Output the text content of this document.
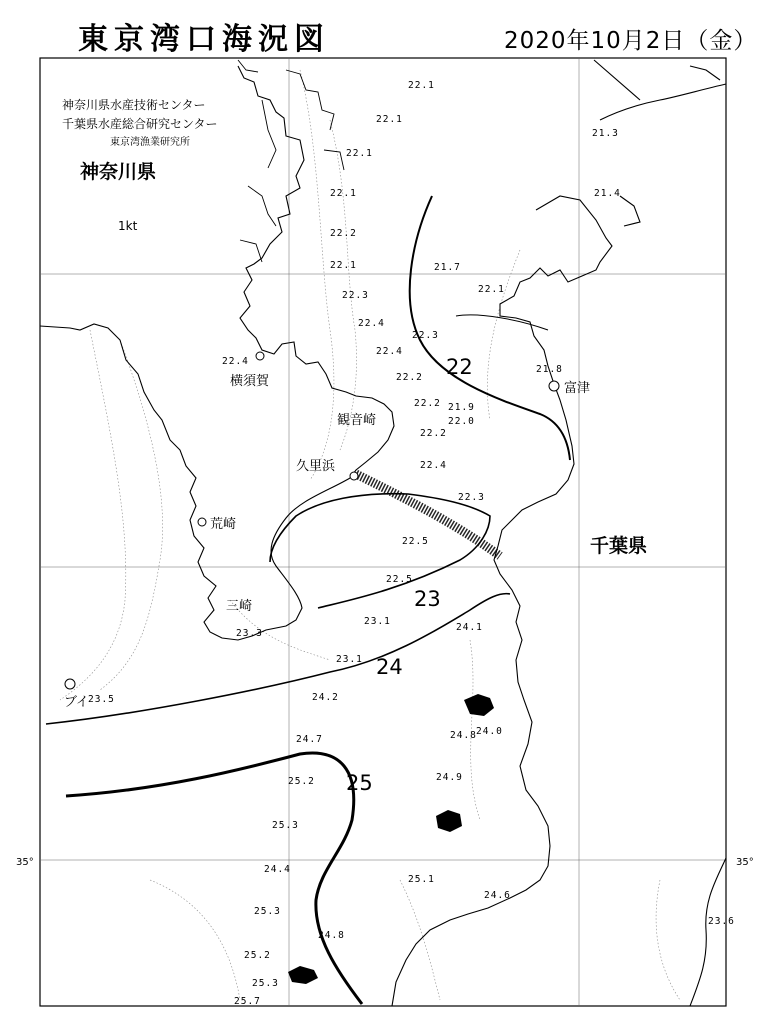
東京湾口海況図	2020年10月2日（金）
神奈川県水産技術センター
千葉県水産総合研究センター
東京湾漁業研究所
神奈川県
千葉県
1kt
横須賀
観音崎
久里浜
荒崎
三崎
富津
ブイ
35°	35°
22
23
24
25
22.1
22.1
22.1
22.1
22.2
22.1
22.3
22.4
22.3
22.4
22.4
22.2
22.2
22.2
21.9
22.0
22.4
22.3
22.5
22.5
23.1
23.3
23.1
24.1
24.2
24.7
25.2
25.3
24.9
24.8 24.0
24.4
25.1
24.6
25.3
24.8
25.2
25.3
25.7
23.5
21.3
21.4
21.7
22.1
21.8
23.6
